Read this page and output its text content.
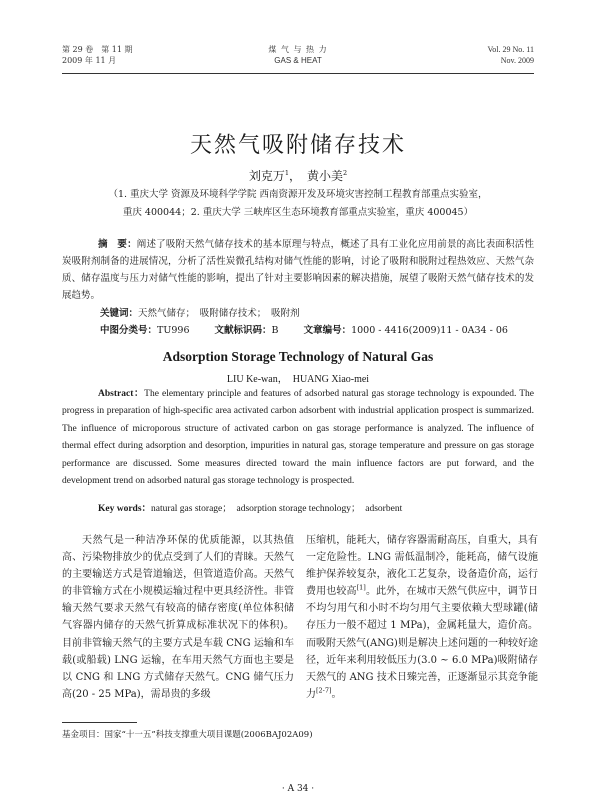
第 29 卷　第 11 期
2009 年 11 月
煤 气 与 热 力
GAS & HEAT
Vol. 29 No. 11
Nov. 2009
天然气吸附储存技术
刘克万$^1$，　黄小美$^2$
（1. 重庆大学 资源及环境科学学院 西南资源开发及环境灾害控制工程教育部重点实验室，
重庆 400044；2. 重庆大学 三峡库区生态环境教育部重点实验室，重庆 400045）
摘　要：阐述了吸附天然气储存技术的基本原理与特点，概述了具有工业化应用前景的高比表面积活性炭吸附剂制备的进展情况，分析了活性炭微孔结构对储气性能的影响，讨论了吸附和脱附过程热效应、天然气杂质、储存温度与压力对储气性能的影响，提出了针对主要影响因素的解决措施，展望了吸附天然气储存技术的发展趋势。
关键词：天然气储存；　吸附储存技术；　吸附剂
中图分类号：TU996	文献标识码：B	文章编号：1000 - 4416(2009)11 - 0A34 - 06
Adsorption Storage Technology of Natural Gas
LIU Ke-wan，　HUANG Xiao-mei
Abstract：The elementary principle and features of adsorbed natural gas storage technology is expounded. The progress in preparation of high-specific area activated carbon adsorbent with industrial application prospect is summarized. The influence of microporous structure of activated carbon on gas storage performance is analyzed. The influence of thermal effect during adsorption and desorption, impurities in natural gas, storage temperature and pressure on gas storage performance are discussed. Some measures directed toward the main influence factors are put forward, and the development trend on adsorbed natural gas storage technology is prospected.
Key words：natural gas storage；　adsorption storage technology；　adsorbent

天然气是一种洁净环保的优质能源，以其热值高、污染物排放少的优点受到了人们的青睐。天然气的主要输送方式是管道输送，但管道造价高。天然气的非管输方式在小规模运输过程中更具经济性。非管输天然气要求天然气有较高的储存密度(单位体积储气容器内储存的天然气折算成标准状况下的体积)。目前非管输天然气的主要方式是车载 CNG 运输和车载(或船载) LNG 运输，在车用天然气方面也主要是以 CNG 和 LNG 方式储存天然气。CNG 储气压力高(20 - 25 MPa)，需昂贵的多级

压缩机，能耗大，储存容器需耐高压，自重大，具有一定危险性。LNG 需低温制冷，能耗高，储气设施维护保养较复杂，液化工艺复杂，设备造价高，运行费用也较高[1]。此外，在城市天然气供应中，调节日不均匀用气和小时不均匀用气主要依赖大型球罐(储存压力一般不超过 1 MPa)，金属耗量大，造价高。而吸附天然气(ANG)则是解决上述问题的一种较好途径，近年来利用较低压力(3.0 ~ 6.0 MPa)吸附储存天然气的 ANG 技术日臻完善，正逐渐显示其竞争能力[2-7]。

基金项目：国家“十一五”科技支撑重大项目课题(2006BAJ02A09)
· A 34 ·
